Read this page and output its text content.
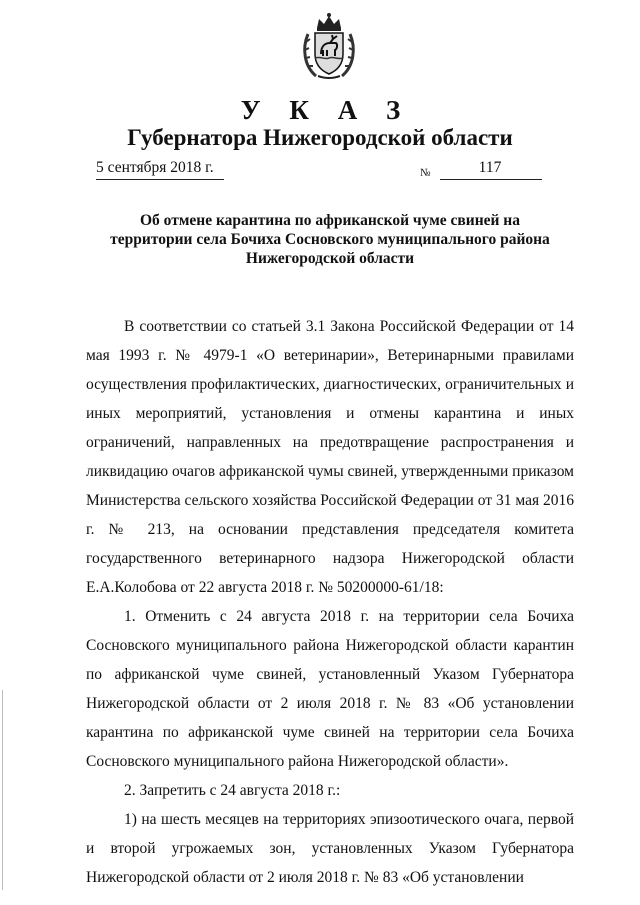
У К А З
Губернатора Нижегородской области
5 сентября 2018 г.	№	117
Об отмене карантина по африканской чуме свиней на территории села Бочиха Сосновского муниципального района Нижегородской области

В соответствии со статьей 3.1 Закона Российской Федерации от 14 мая 1993 г. № 4979-1 «О ветеринарии», Ветеринарными правилами осуществления профилактических, диагностических, ограничительных и иных мероприятий, установления и отмены карантина и иных ограничений, направленных на предотвращение распространения и ликвидацию очагов африканской чумы свиней, утвержденными приказом Министерства сельского хозяйства Российской Федерации от 31 мая 2016 г. № 213, на основании представления председателя комитета государственного ветеринарного надзора Нижегородской области Е.А.Колобова от 22 августа 2018 г. № 50200000-61/18:

1. Отменить с 24 августа 2018 г. на территории села Бочиха Сосновского муниципального района Нижегородской области карантин по африканской чуме свиней, установленный Указом Губернатора Нижегородской области от 2 июля 2018 г. № 83 «Об установлении карантина по африканской чуме свиней на территории села Бочиха Сосновского муниципального района Нижегородской области».

2. Запретить с 24 августа 2018 г.:

1) на шесть месяцев на территориях эпизоотического очага, первой и второй угрожаемых зон, установленных Указом Губернатора Нижегородской области от 2 июля 2018 г. № 83 «Об установлении
